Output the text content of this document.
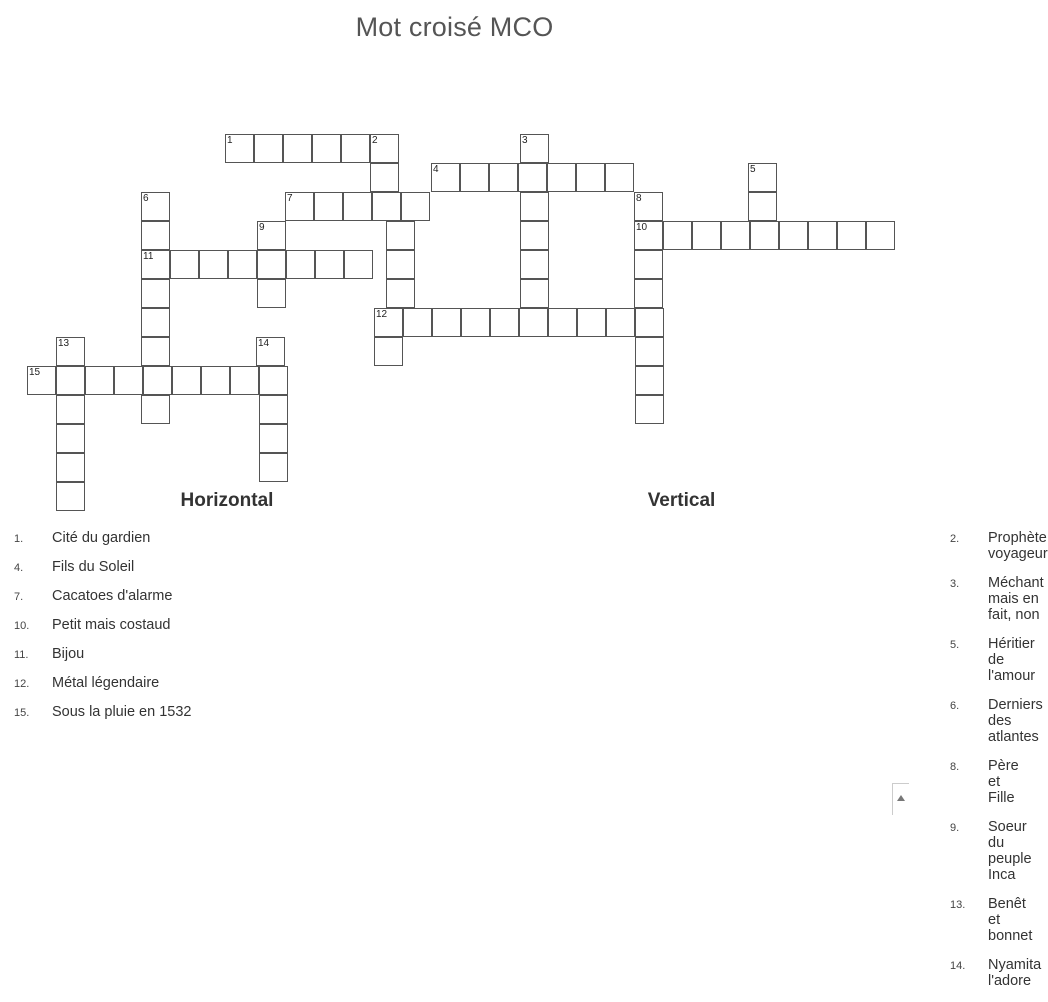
Mot croisé MCO
1	2	3
4	5
6	7	8
9	10
11
12
13	14
15
Horizontal
1.	Cité du gardien
4.	Fils du Soleil
7.	Cacatoes d'alarme
10.	Petit mais costaud
11.	Bijou
12.	Métal légendaire
15.	Sous la pluie en 1532
Vertical
2.	Prophète voyageur
3.	Méchant mais en fait, non
5.	Héritier de l'amour
6.	Derniers des atlantes
8.	Père et Fille
9.	Soeur du peuple Inca
13.	Benêt et bonnet
14.	Nyamita l'adore
